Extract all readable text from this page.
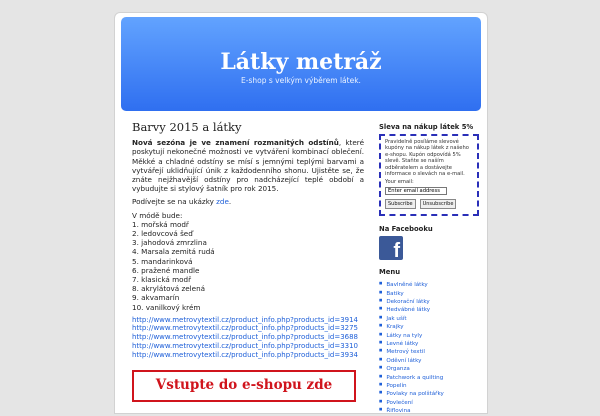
Látky metráž
E-shop s velkým výběrem látek.
Barvy 2015 a látky
Nová sezóna je ve znamení rozmanitých odstínů, které poskytují nekonečné možnosti ve vytváření kombinací oblečení. Měkké a chladné odstíny se mísí s jemnými teplými barvami a vytvářejí uklidňující únik z každodenního shonu. Ujistěte se, že znáte nejžhavější odstíny pro nadcházející teplé období a vybudujte si stylový šatník pro rok 2015.
Podívejte se na ukázky zde.
V módě bude:
1. mořská modř
2. ledovcová šeď
3. jahodová zmrzlina
4. Marsala zemitá rudá
5. mandarinková
6. pražené mandle
7. klasická modř
8. akrylátová zelená
9. akvamarín
10. vanilkový krém
http://www.metrovytextil.cz/product_info.php?products_id=3914
http://www.metrovytextil.cz/product_info.php?products_id=3275
http://www.metrovytextil.cz/product_info.php?products_id=3688
http://www.metrovytextil.cz/product_info.php?products_id=3310
http://www.metrovytextil.cz/product_info.php?products_id=3934
Vstupte do e-shopu zde
Sleva na nákup látek 5%
Pravidelně posíláme slevové kupóny na nákup látek z našeho e-shopu. Kupón odpovídá 5% slevě. Staňte se naším odběratelem a dostávejte informace o slevách na e-mail.
Your email:
Enter email address
Subscribe	Unsubscribe
Na Facebooku
f
Menu
■ Bavlněné látky
■ Batiky
■ Dekorační látky
■ Hedvábné látky
■ Jak ušít
■ Krajky
■ Látky na tyly
■ Levné látky
■ Metrový textil
■ Oděvní látky
■ Organza
■ Patchwork a quilting
■ Popelín
■ Povlaky na polštářky
■ Povlečení
■ Řiflovina
